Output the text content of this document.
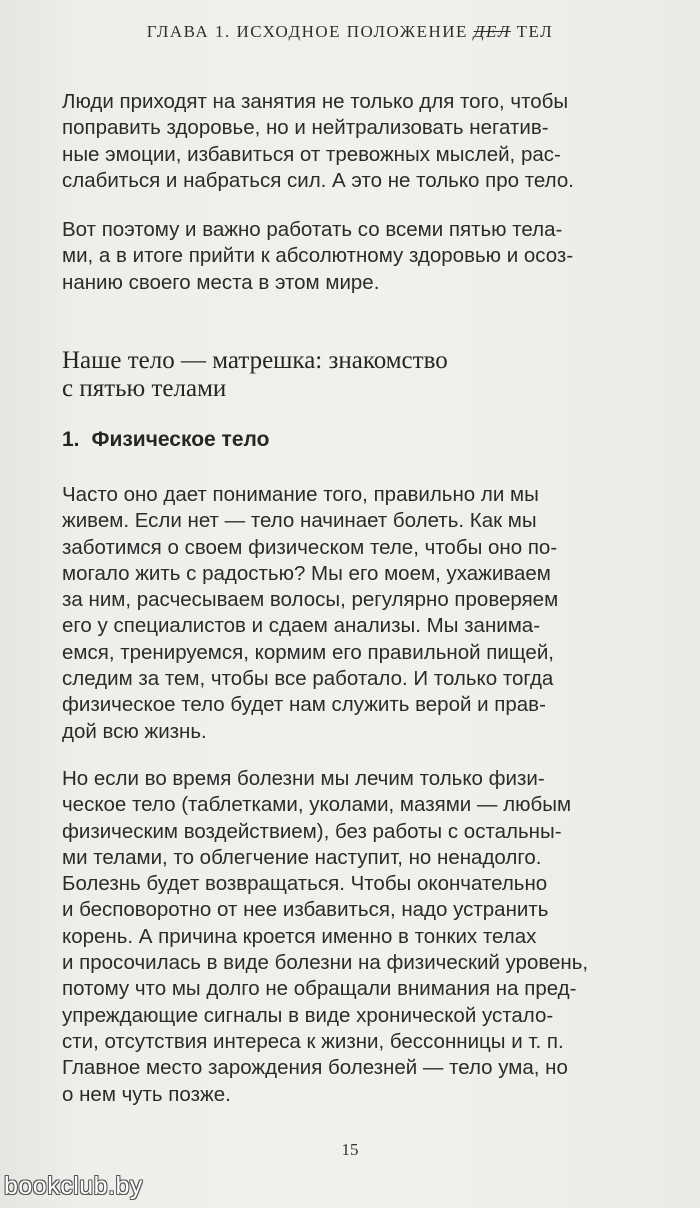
ГЛАВА 1. ИСХОДНОЕ ПОЛОЖЕНИЕ ДЕЛ ТЕЛ
Люди приходят на занятия не только для того, чтобы
поправить здоровье, но и нейтрализовать негатив-
ные эмоции, избавиться от тревожных мыслей, рас-
слабиться и набраться сил. А это не только про тело.
Вот поэтому и важно работать со всеми пятью тела-
ми, а в итоге прийти к абсолютному здоровью и осоз-
нанию своего места в этом мире.
Наше тело — матрешка: знакомство
с пятью телами
1. Физическое тело
Часто оно дает понимание того, правильно ли мы
живем. Если нет — тело начинает болеть. Как мы
заботимся о своем физическом теле, чтобы оно по-
могало жить с радостью? Мы его моем, ухаживаем
за ним, расчесываем волосы, регулярно проверяем
его у специалистов и сдаем анализы. Мы занима-
емся, тренируемся, кормим его правильной пищей,
следим за тем, чтобы все работало. И только тогда
физическое тело будет нам служить верой и прав-
дой всю жизнь.
Но если во время болезни мы лечим только физи-
ческое тело (таблетками, уколами, мазями — любым
физическим воздействием), без работы с остальны-
ми телами, то облегчение наступит, но ненадолго.
Болезнь будет возвращаться. Чтобы окончательно
и бесповоротно от нее избавиться, надо устранить
корень. А причина кроется именно в тонких телах
и просочилась в виде болезни на физический уровень,
потому что мы долго не обращали внимания на пред-
упреждающие сигналы в виде хронической устало-
сти, отсутствия интереса к жизни, бессонницы и т. п.
Главное место зарождения болезней — тело ума, но
о нем чуть позже.
15
bookclub.by
